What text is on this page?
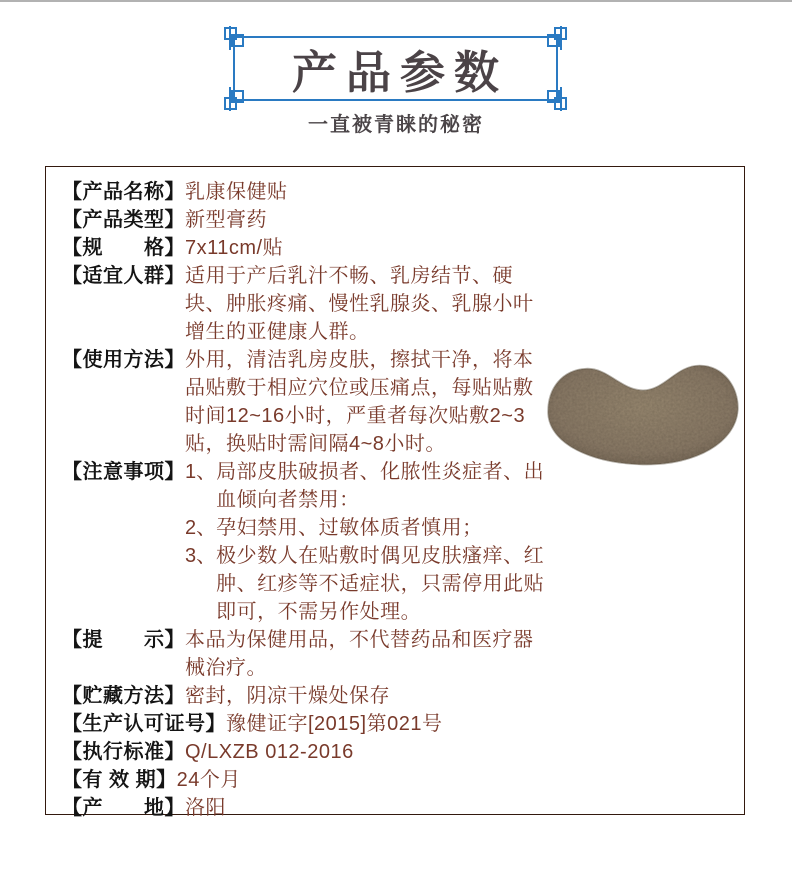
产品参数
一直被青睐的秘密
【产品名称】 乳康保健贴
【产品类型】 新型膏药
【规　　格】 7x11cm/贴
【适宜人群】 适用于产后乳汁不畅、乳房结节、硬块、肿胀疼痛、慢性乳腺炎、乳腺小叶增生的亚健康人群。
【使用方法】 外用，清洁乳房皮肤，擦拭干净，将本品贴敷于相应穴位或压痛点，每贴贴敷时间12~16小时，严重者每次贴敷2~3贴，换贴时需间隔4~8小时。
【注意事项】 1、 局部皮肤破损者、化脓性炎症者、出血倾向者禁用：
2、 孕妇禁用、过敏体质者慎用；
3、 极少数人在贴敷时偶见皮肤瘙痒、红肿、红疹等不适症状，只需停用此贴即可，不需另作处理。
【提　　示】 本品为保健用品，不代替药品和医疗器械治疗。
【贮藏方法】 密封，阴凉干燥处保存
【生产认可证号】 豫健证字[2015]第021号
【执行标准】 Q/LXZB 012-2016
【有 效 期】 24个月
【产　　地】 洛阳
